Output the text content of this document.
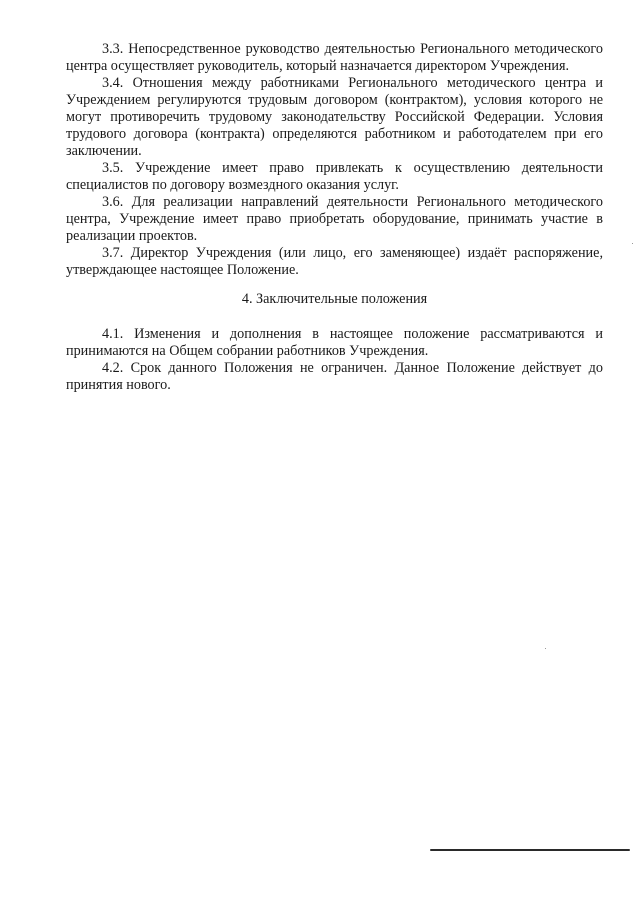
3.3. Непосредственное руководство деятельностью Регионального методического центра осуществляет руководитель, который назначается директором Учреждения.

3.4. Отношения между работниками Регионального методического центра и Учреждением регулируются трудовым договором (контрактом), условия которого не могут противоречить трудовому законодательству Российской Федерации. Условия трудового договора (контракта) определяются работником и работодателем при его заключении.

3.5. Учреждение имеет право привлекать к осуществлению деятельности специалистов по договору возмездного оказания услуг.

3.6. Для реализации направлений деятельности Регионального методического центра, Учреждение имеет право приобретать оборудование, принимать участие в реализации проектов.

3.7. Директор Учреждения (или лицо, его заменяющее) издаёт распоряжение, утверждающее настоящее Положение.

4. Заключительные положения

4.1. Изменения и дополнения в настоящее положение рассматриваются и принимаются на Общем собрании работников Учреждения.

4.2. Срок данного Положения не ограничен. Данное Положение действует до принятия нового.
